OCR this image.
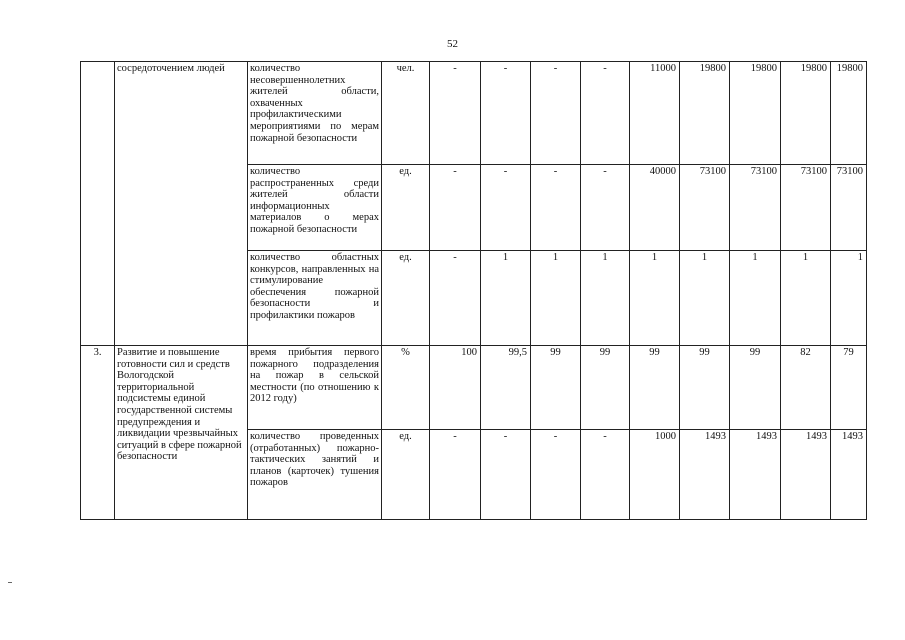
52
	сосредоточением людей	количество несовершеннолетних жителей области, охваченных профилактическими мероприятиями по мерам пожарной безопасности	чел.	-	-	-	-	11000	19800	19800	19800	19800
		количество распространенных среди жителей области информационных материалов о мерах пожарной безопасности	ед.	-	-	-	-	40000	73100	73100	73100	73100
		количество областных конкурсов, направленных на стимулирование обеспечения пожарной безопасности и профилактики пожаров	ед.	-	1	1	1	1	1	1	1	1
3.	Развитие и повышение готовности сил и средств Вологодской территориальной подсистемы единой государственной системы предупреждения и ликвидации чрезвычайных ситуаций в сфере пожарной безопасности	время прибытия первого пожарного подразделения на пожар в сельской местности (по отношению к 2012 году)	%	100	99,5	99	99	99	99	99	82	79
		количество проведенных (отработанных) пожарно-тактических занятий и планов (карточек) тушения пожаров	ед.	-	-	-	-	1000	1493	1493	1493	1493
